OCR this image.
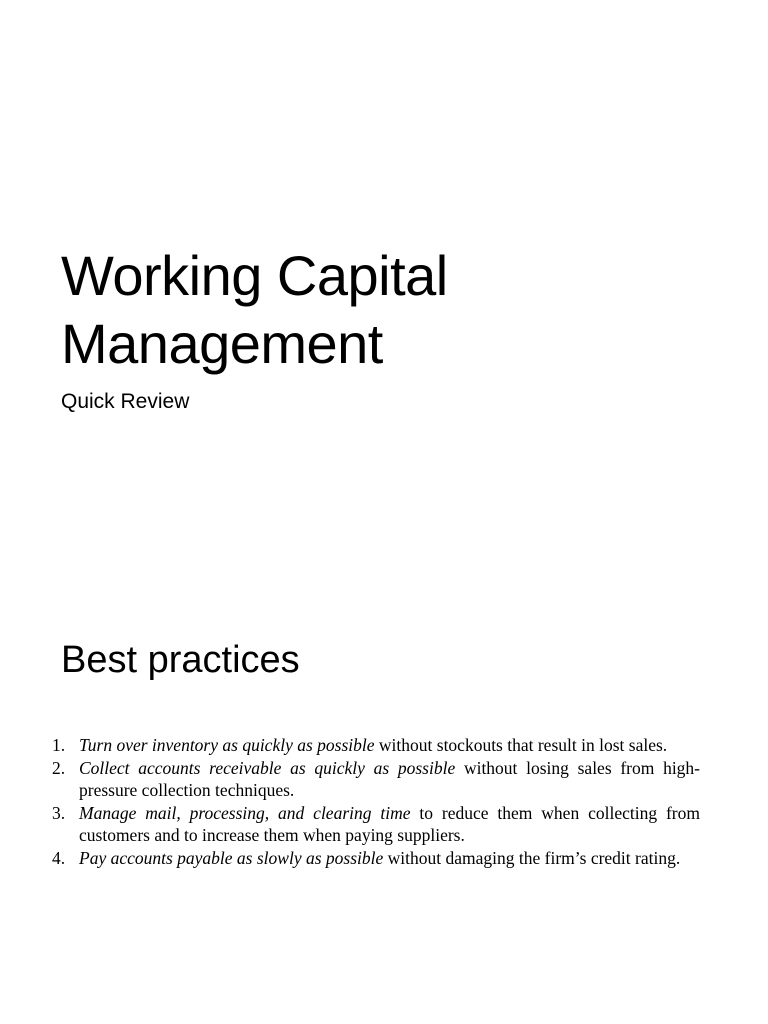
Working Capital
Management

Quick Review

Best practices
1. Turn over inventory as quickly as possible without stockouts that result in lost sales.
2. Collect accounts receivable as quickly as possible without losing sales from high-pressure collection techniques.
3. Manage mail, processing, and clearing time to reduce them when collecting from customers and to increase them when paying suppliers.
4. Pay accounts payable as slowly as possible without damaging the firm’s credit rating.
